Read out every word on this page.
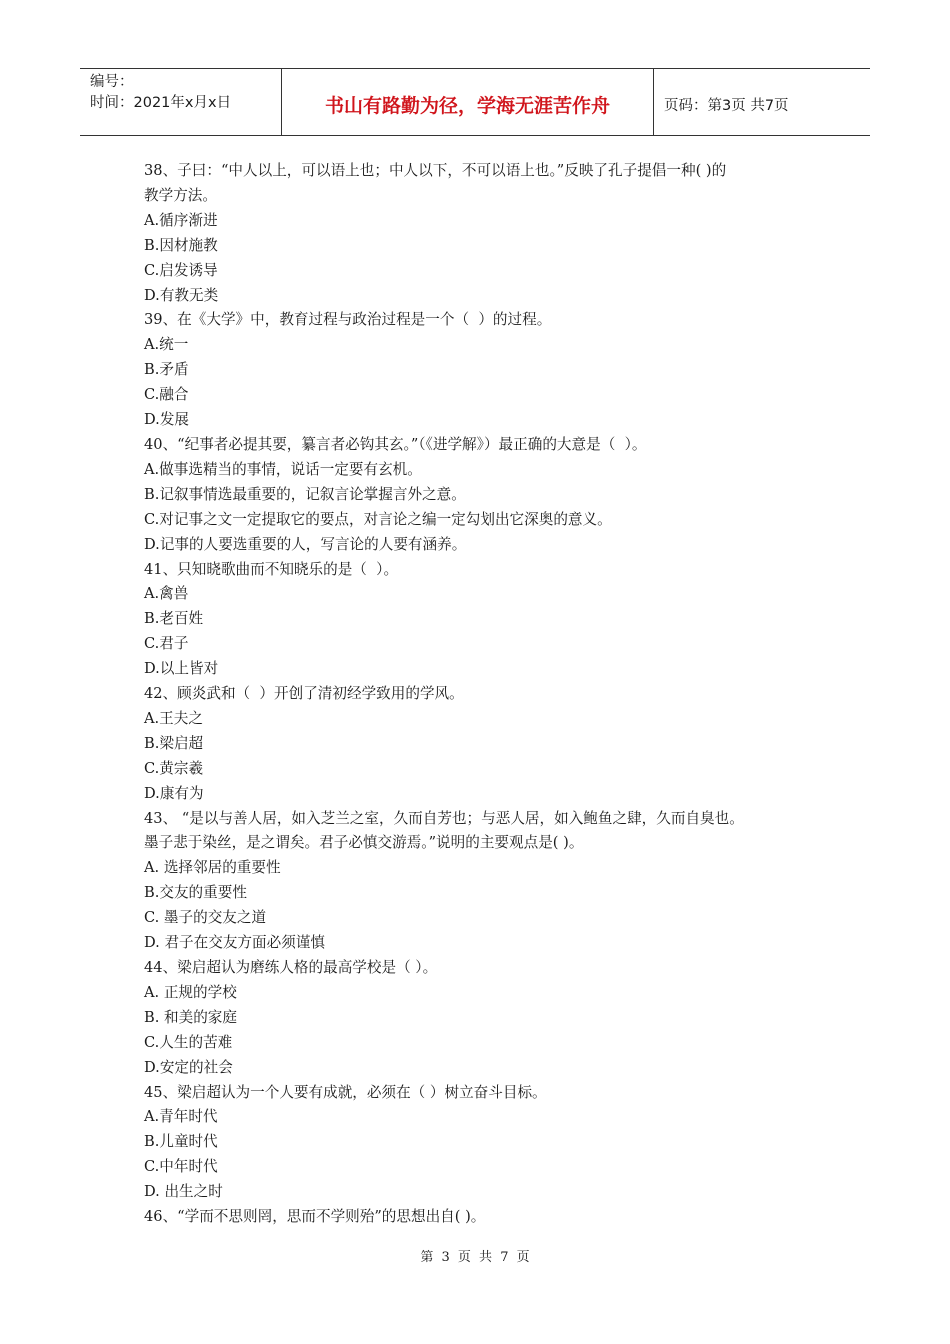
编号：
时间：2021年x月x日	书山有路勤为径，学海无涯苦作舟	页码：第3页 共7页

38、子曰：“中人以上，可以语上也；中人以下，不可以语上也。”反映了孔子提倡一种( )的

教学方法。

A.循序渐进

B.因材施教

C.启发诱导

D.有教无类

39、在《大学》中，教育过程与政治过程是一个（  ）的过程。

A.统一

B.矛盾

C.融合

D.发展

40、“纪事者必提其要，纂言者必钩其玄。”（《进学解》）最正确的大意是（  ）。

A.做事选精当的事情，说话一定要有玄机。

B.记叙事情选最重要的，记叙言论掌握言外之意。

C.对记事之文一定提取它的要点，对言论之编一定勾划出它深奥的意义。

D.记事的人要选重要的人，写言论的人要有涵养。

41、只知晓歌曲而不知晓乐的是（  ）。

A.禽兽

B.老百姓

C.君子

D.以上皆对

42、顾炎武和（  ）开创了清初经学致用的学风。

A.王夫之

B.梁启超

C.黄宗羲

D.康有为

43、 “是以与善人居，如入芝兰之室，久而自芳也；与恶人居，如入鲍鱼之肆，久而自臭也。

墨子悲于染丝，是之谓矣。君子必慎交游焉。”说明的主要观点是( )。

A. 选择邻居的重要性

B.交友的重要性

C. 墨子的交友之道

D. 君子在交友方面必须谨慎

44、梁启超认为磨练人格的最高学校是（ ）。

A. 正规的学校

B. 和美的家庭

C.人生的苦难

D.安定的社会

45、梁启超认为一个人要有成就，必须在（ ）树立奋斗目标。

A.青年时代

B.儿童时代

C.中年时代

D. 出生之时

46、“学而不思则罔，思而不学则殆”的思想出自( )。

第 3 页 共 7 页
